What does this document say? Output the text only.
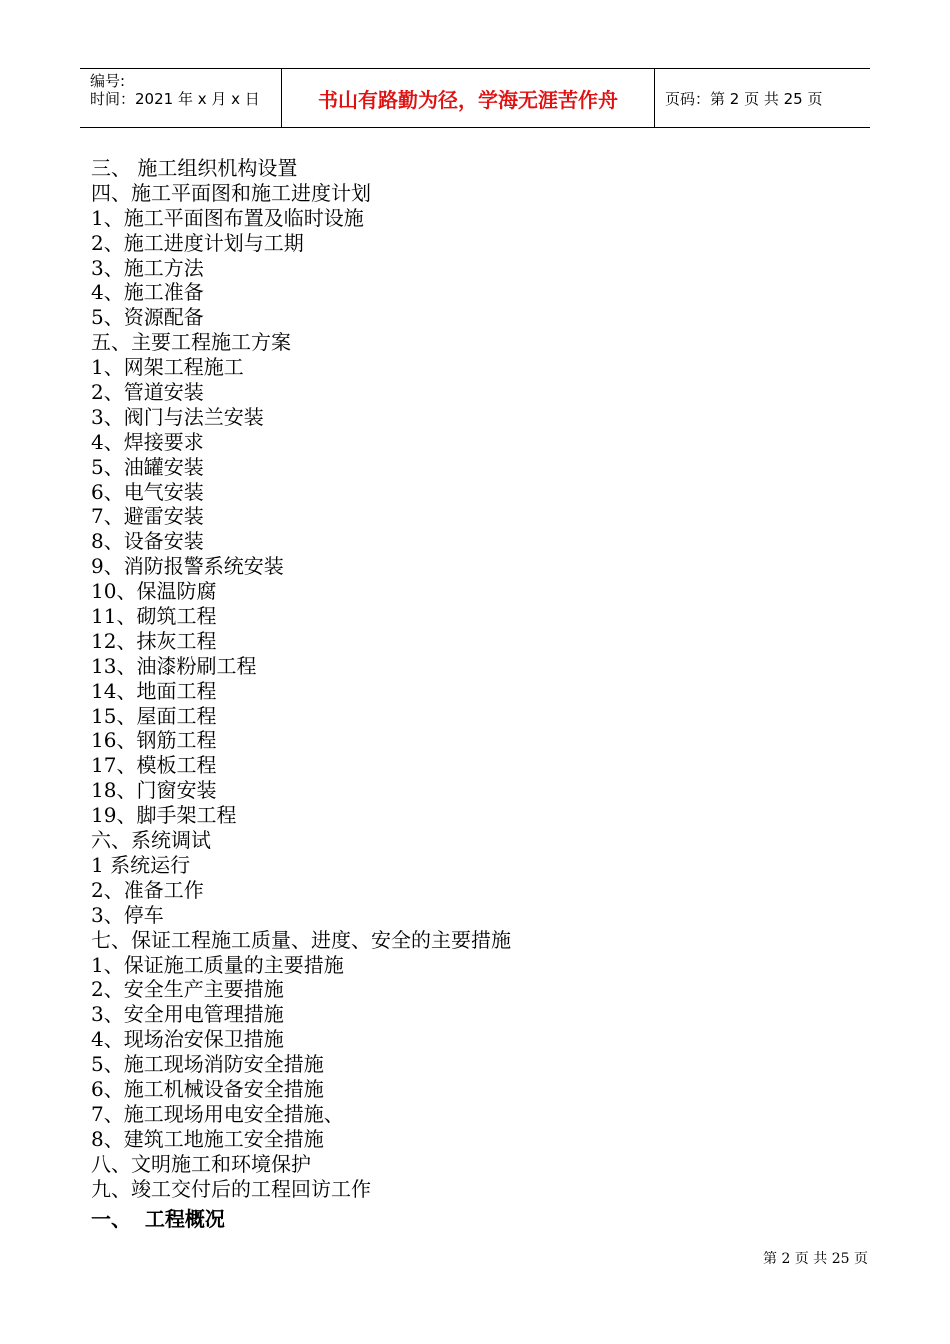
编号:
时间：2021 年 x 月 x 日	书山有路勤为径，学海无涯苦作舟	页码：第 2 页 共 25 页
三、 施工组织机构设置
四、施工平面图和施工进度计划
1、施工平面图布置及临时设施
2、施工进度计划与工期
3、施工方法
4、施工准备
5、资源配备
五、主要工程施工方案
1、网架工程施工
2、管道安装
3、阀门与法兰安装
4、焊接要求
5、油罐安装
6、电气安装
7、避雷安装
8、设备安装
9、消防报警系统安装
10、保温防腐
11、砌筑工程
12、抹灰工程
13、油漆粉刷工程
14、地面工程
15、屋面工程
16、钢筋工程
17、模板工程
18、门窗安装
19、脚手架工程
六、系统调试
1 系统运行
2、准备工作
3、停车
七、保证工程施工质量、进度、安全的主要措施
1、保证施工质量的主要措施
2、安全生产主要措施
3、安全用电管理措施
4、现场治安保卫措施
5、施工现场消防安全措施
6、施工机械设备安全措施
7、施工现场用电安全措施、
8、建筑工地施工安全措施
八、文明施工和环境保护
九、竣工交付后的工程回访工作
一、  工程概况
第 2 页 共 25 页
